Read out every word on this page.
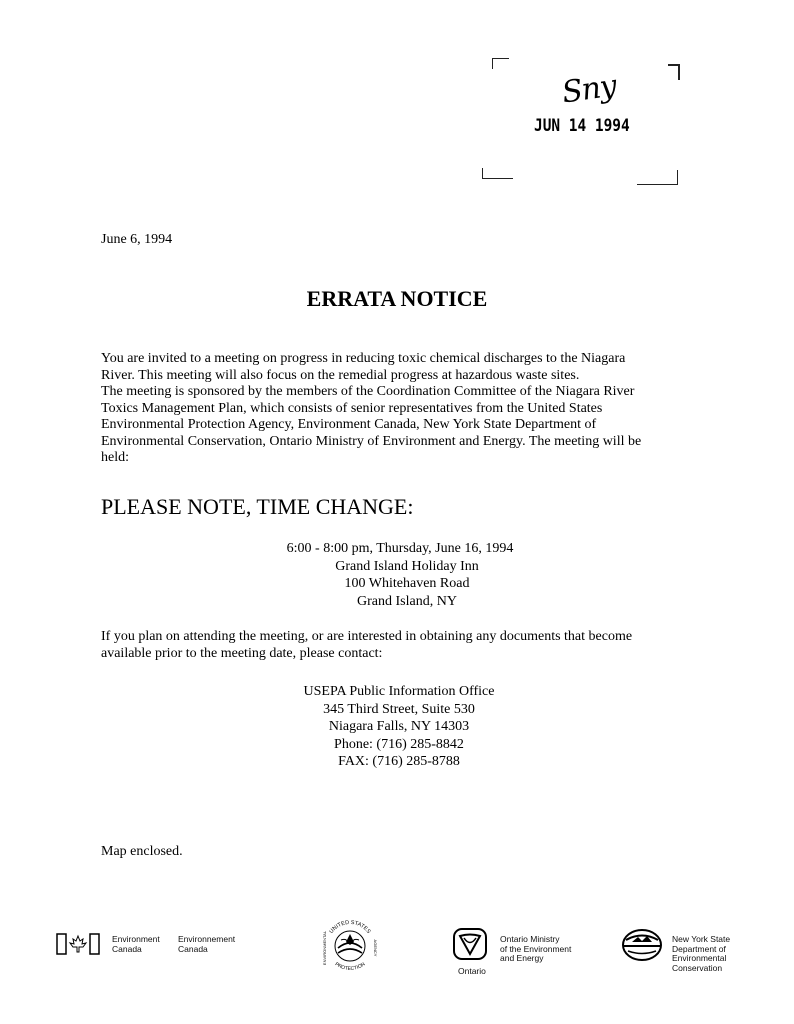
Sny
JUN 14 1994
June 6, 1994
ERRATA NOTICE
You are invited to a meeting on progress in reducing toxic chemical discharges to the Niagara
River. This meeting will also focus on the remedial progress at hazardous waste sites.
The meeting is sponsored by the members of the Coordination Committee of the Niagara River
Toxics Management Plan, which consists of senior representatives from the United States
Environmental Protection Agency, Environment Canada, New York State Department of
Environmental Conservation, Ontario Ministry of Environment and Energy. The meeting will be
held:
PLEASE NOTE, TIME CHANGE:
6:00 - 8:00 pm, Thursday, June 16, 1994
Grand Island Holiday Inn
100 Whitehaven Road
Grand Island, NY
If you plan on attending the meeting, or are interested in obtaining any documents that become
available prior to the meeting date, please contact:
USEPA Public Information Office
345 Third Street, Suite 530
Niagara Falls, NY 14303
Phone: (716) 285-8842
FAX: (716) 285-8788
Map enclosed.
Environment
Canada
Environnement
Canada
UNITED STATES
PROTECTION
ENVIRONMENTAL	AGENCY
Ontario
Ontario Ministry
of the Environment
and Energy
New York State
Department of
Environmental
Conservation
